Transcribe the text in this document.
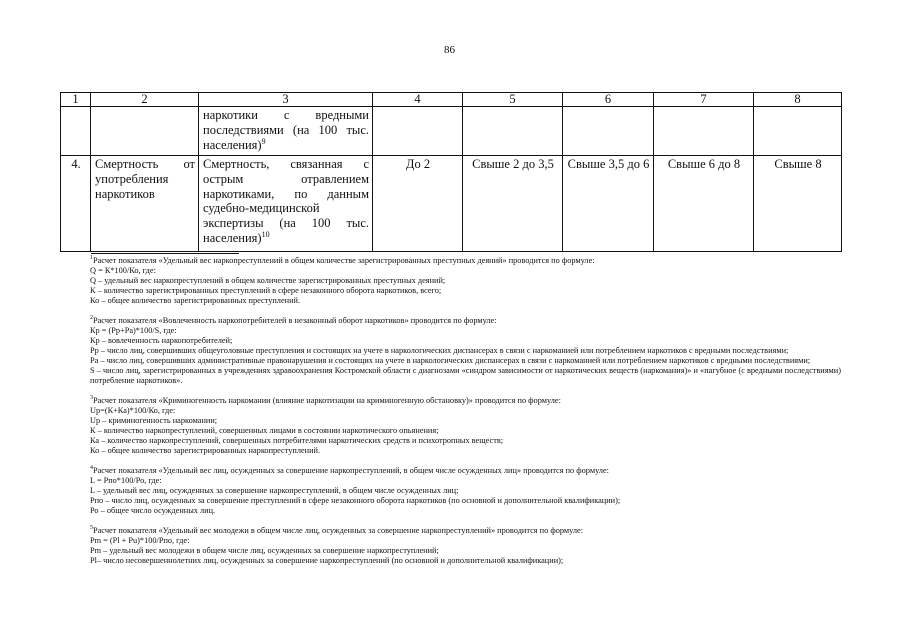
86
1	2	3	4	5	6	7	8
		наркотики с вредными последствиями (на 100 тыс. населения)$^9$					
4.	Смертность от употребления наркотиков	Смертность, связанная с острым отравлением наркотиками, по данным судебно-медицинской экспертизы (на 100 тыс. населения)$^{10}$	До 2	Свыше 2 до 3,5	Свыше 3,5 до 6	Свыше 6 до 8	Свыше 8

$^1$Расчет показателя «Удельный вес наркопреступлений в общем количестве зарегистрированных преступных деяний» проводится по формуле:

Q = К*100/Ко, где:

Q – удельный вес наркопреступлений в общем количестве зарегистрированных преступных деяний;

К – количество зарегистрированных преступлений в сфере незаконного оборота наркотиков, всего;

Ко – общее количество зарегистрированных преступлений.

$^2$Расчет показателя «Вовлеченность наркопотребителей в незаконный оборот наркотиков» проводится по формуле:

Кр = (Рр+Ра)*100/S, где:

Кр – вовлеченность наркопотребителей;

Рр – число лиц, совершивших общеуголовные преступления и состоящих на учете в наркологических диспансерах в связи с наркоманией или потреблением наркотиков с вредными последствиями;

Ра – число лиц, совершивших административные правонарушения и состоящих на учете в наркологических диспансерах в связи с наркоманией или потреблением наркотиков с вредными последствиями;

S – число лиц, зарегистрированных в учреждениях здравоохранения Костромской области с диагнозами «синдром зависимости от наркотических веществ (наркомания)» и «пагубное (с вредными последствиями) потребление наркотиков».

$^3$Расчет показателя «Криминогенность наркомании (влияние наркотизации на криминогенную обстановку)» проводится по формуле:

Uр=(К+Ка)*100/Ко, где:

Uр – криминогенность наркомании;

К – количество наркопреступлений, совершенных лицами в состоянии наркотического опьянения;

Ка – количество наркопреступлений, совершенных потребителями наркотических средств и психотропных веществ;

Ко – общее количество зарегистрированных наркопреступлений.

$^4$Расчет показателя «Удельный вес лиц, осужденных за совершение наркопреступлений, в общем числе осужденных лиц» проводится по формуле:

L = Рпо*100/Ро, где:

L – удельный вес лиц, осужденных за совершение наркопреступлений, в общем числе осужденных лиц;

Рпо – число лиц, осужденных за совершение преступлений в сфере незаконного оборота наркотиков (по основной и дополнительной квалификации);

Ро – общее число осужденных лиц.

$^5$Расчет показателя «Удельный вес молодежи в общем числе лиц, осужденных за совершение наркопреступлений» проводится по формуле:

Рm = (Pl + Рu)*100/Рпо, где:

Рm – удельный вес молодежи в общем числе лиц, осужденных за совершение наркопреступлений;

Pl– число несовершеннолетних лиц, осужденных за совершение наркопреступлений (по основной и дополнительной квалификации);
